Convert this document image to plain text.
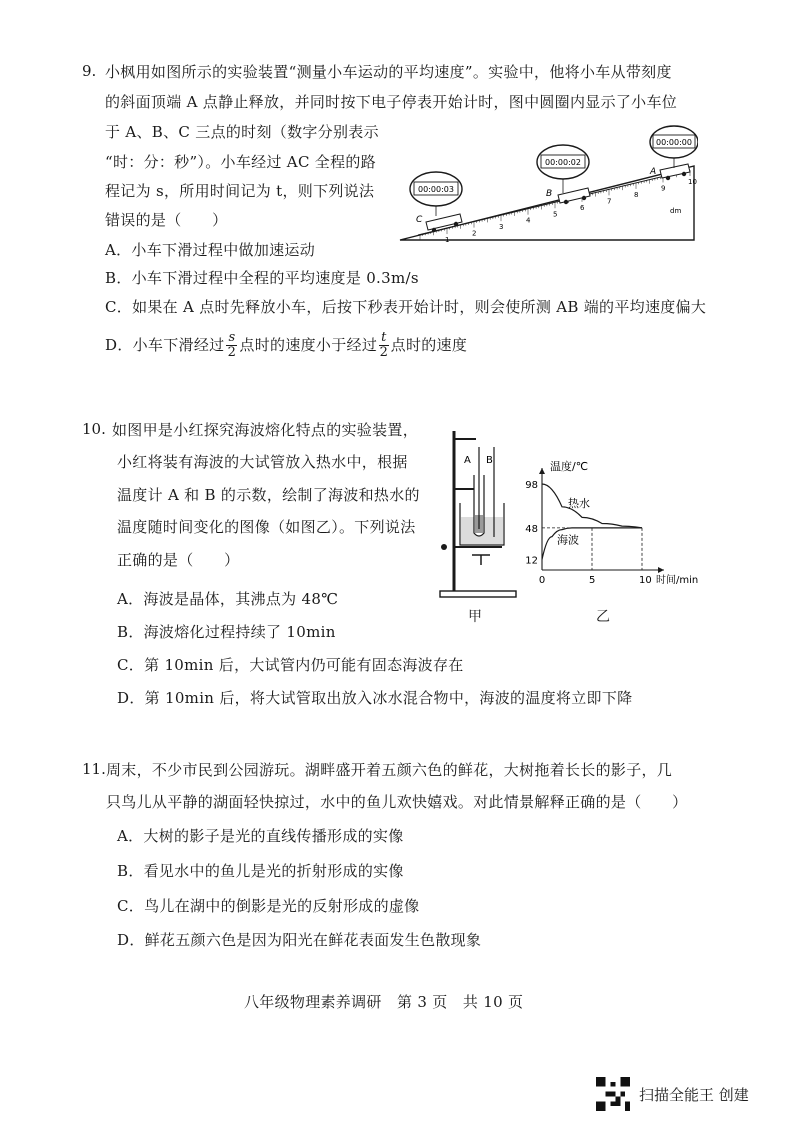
9. 小枫用如图所示的实验装置“测量小车运动的平均速度”。实验中，他将小车从带刻度
的斜面顶端 A 点静止释放，并同时按下电子停表开始计时，图中圆圈内显示了小车位
于 A、B、C 三点的时刻（数字分别表示
“时：分：秒”）。小车经过 AC 全程的路
程记为 s，所用时间记为 t，则下列说法
错误的是（　　）
A．小车下滑过程中做加速运动
B．小车下滑过程中全程的平均速度是 0.3m/s
C．如果在 A 点时先释放小车，后按下秒表开始计时，则会使所测 AB 端的平均速度偏大
D．小车下滑经过 $\frac{s}{2}$ 点时的速度小于经过 $\frac{t}{2}$ 点时的速度
1
2
3
4
5
6
7
8
9
10
dm
C
B
A
00:00:03
00:00:02
00:00:00
10. 如图甲是小红探究海波熔化特点的实验装置，
小红将装有海波的大试管放入热水中，根据
温度计 A 和 B 的示数，绘制了海波和热水的
温度随时间变化的图像（如图乙）。下列说法
正确的是（　　）
A．海波是晶体，其沸点为 48℃
B．海波熔化过程持续了 10min
C．第 10min 后，大试管内仍可能有固态海波存在
D．第 10min 后，将大试管取出放入冰水混合物中，海波的温度将立即下降
A B
甲
温度/℃
时间/min
12
48
98
0	5	10
热水
海波
乙
11. 周末，不少市民到公园游玩。湖畔盛开着五颜六色的鲜花，大树拖着长长的影子，几
只鸟儿从平静的湖面轻快掠过，水中的鱼儿欢快嬉戏。对此情景解释正确的是（　　）
A．大树的影子是光的直线传播形成的实像
B．看见水中的鱼儿是光的折射形成的实像
C．鸟儿在湖中的倒影是光的反射形成的虚像
D．鲜花五颜六色是因为阳光在鲜花表面发生色散现象
八年级物理素养调研　第 3 页　共 10 页
扫描全能王 创建
